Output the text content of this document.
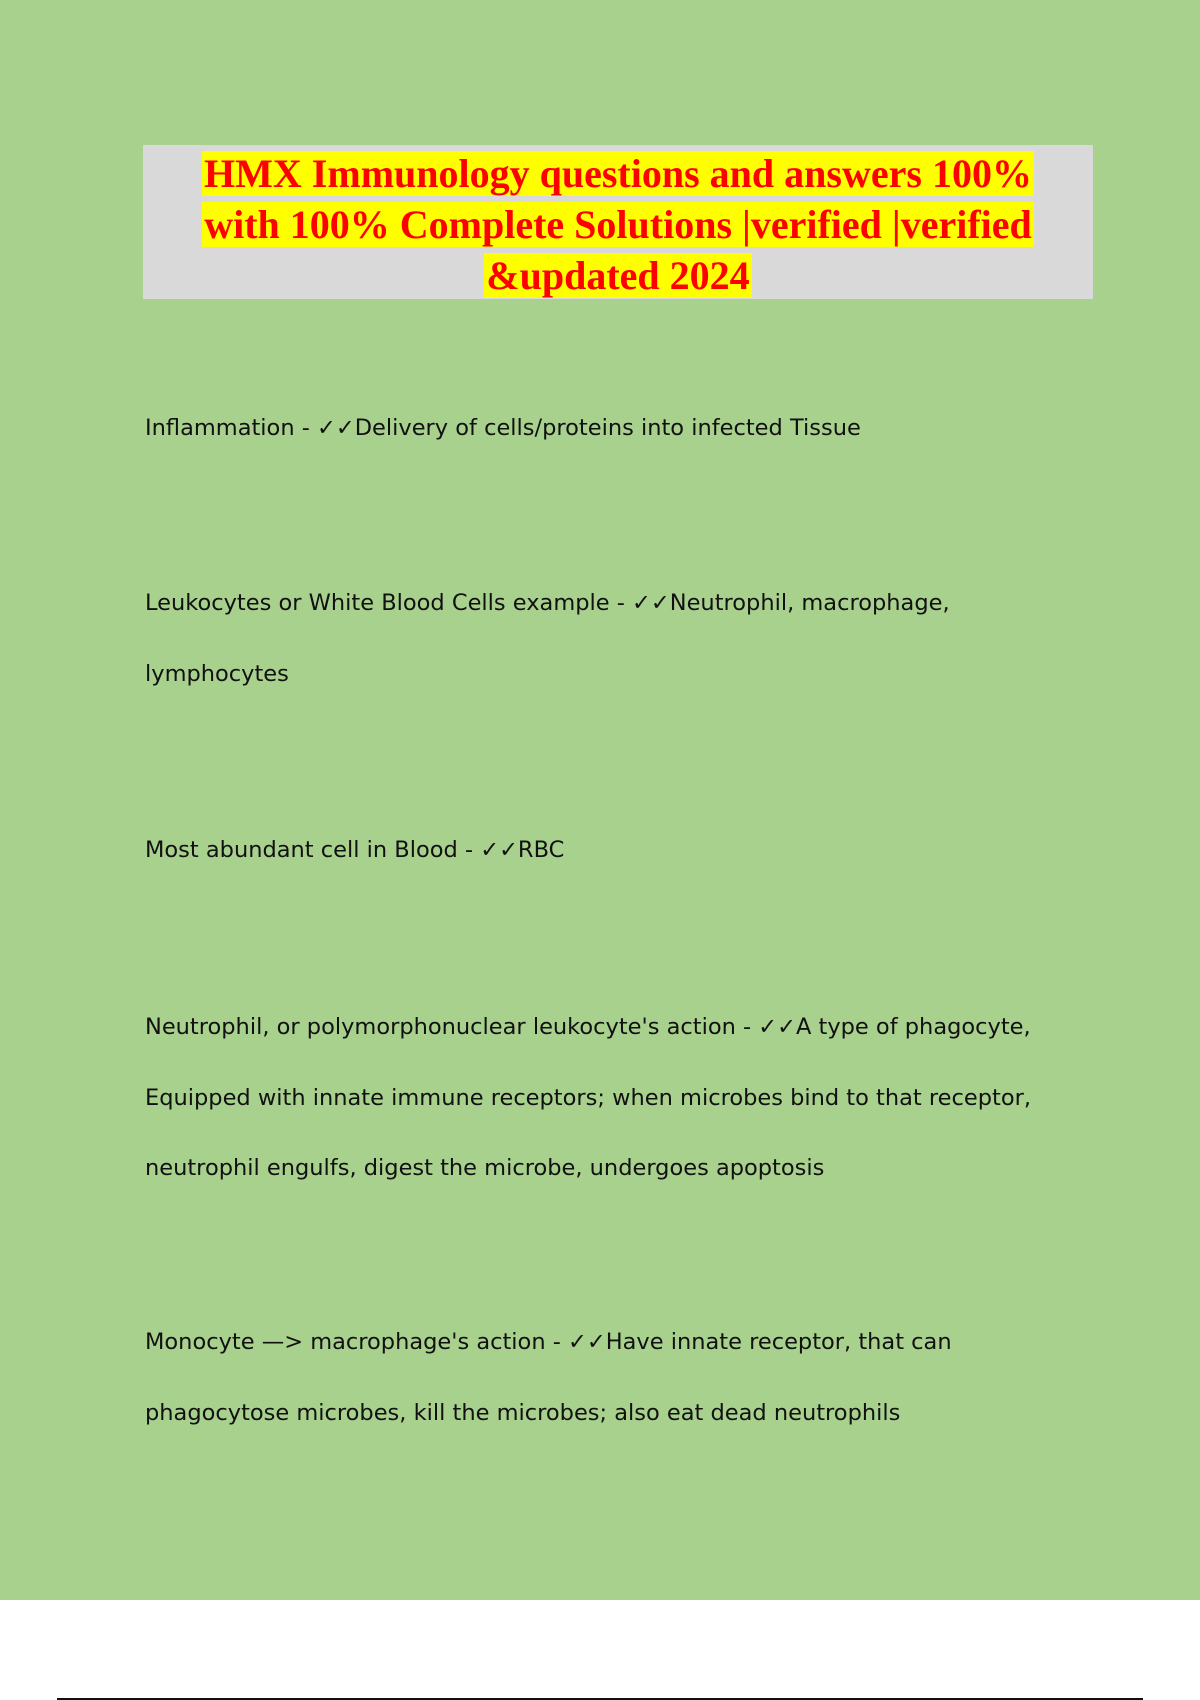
HMX Immunology questions and answers 100%
with 100% Complete Solutions |verified |verified
&updated 2024

Inflammation - ✓✓Delivery of cells/proteins into infected Tissue

Leukocytes or White Blood Cells example - ✓✓Neutrophil, macrophage, lymphocytes

Most abundant cell in Blood - ✓✓RBC

Neutrophil, or polymorphonuclear leukocyte's action - ✓✓A type of phagocyte, Equipped with innate immune receptors; when microbes bind to that receptor, neutrophil engulfs, digest the microbe, undergoes apoptosis

Monocyte —> macrophage's action - ✓✓Have innate receptor, that can phagocytose microbes, kill the microbes; also eat dead neutrophils
